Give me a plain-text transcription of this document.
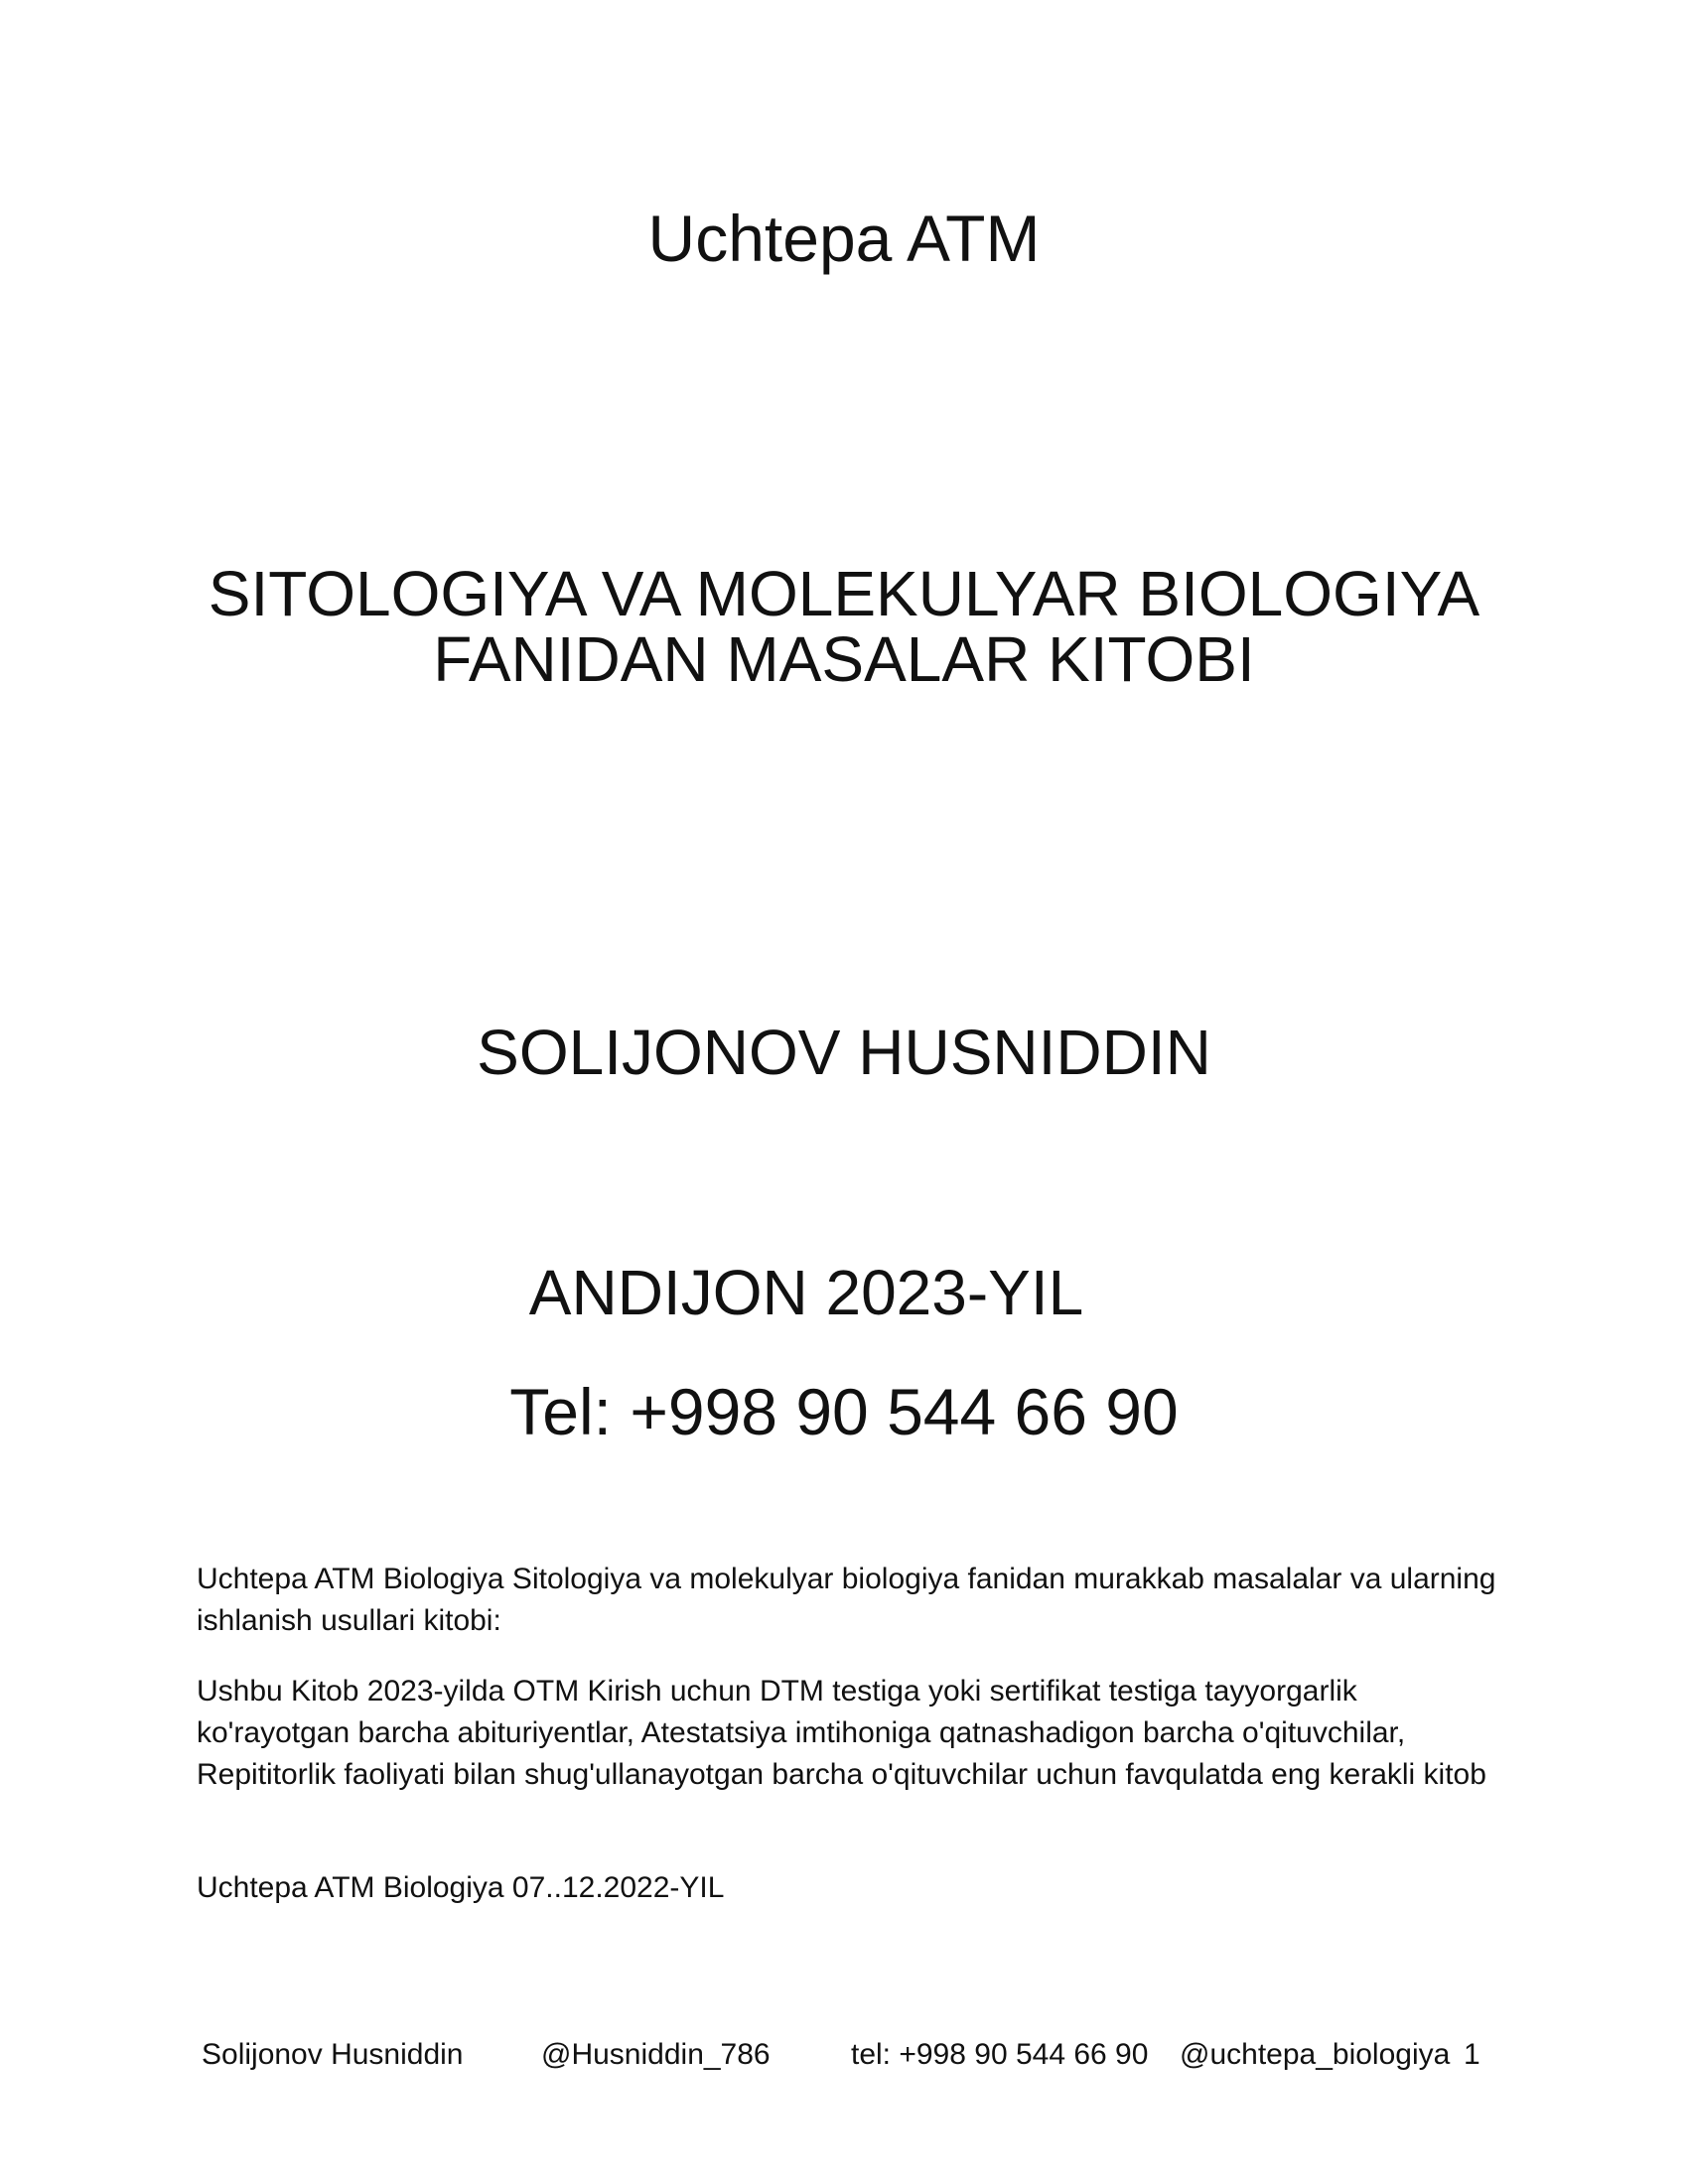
Uchtepa ATM
SITOLOGIYA VA MOLEKULYAR BIOLOGIYA
FANIDAN MASALAR KITOBI
SOLIJONOV HUSNIDDIN
ANDIJON 2023-YIL
Tel: +998 90 544 66 90
Uchtepa ATM Biologiya Sitologiya va molekulyar biologiya fanidan murakkab masalalar va ularning ishlanish usullari kitobi:
Ushbu Kitob 2023-yilda OTM Kirish uchun DTM testiga yoki sertifikat testiga tayyorgarlik ko'rayotgan barcha abituriyentlar, Atestatsiya imtihoniga qatnashadigon barcha o'qituvchilar, Repititorlik faoliyati bilan shug'ullanayotgan barcha o'qituvchilar uchun favqulatda eng kerakli kitob
Uchtepa ATM Biologiya 07..12.2022-YIL
Solijonov Husniddin	@Husniddin_786	tel: +998 90 544 66 90 @uchtepa_biologiya 1
